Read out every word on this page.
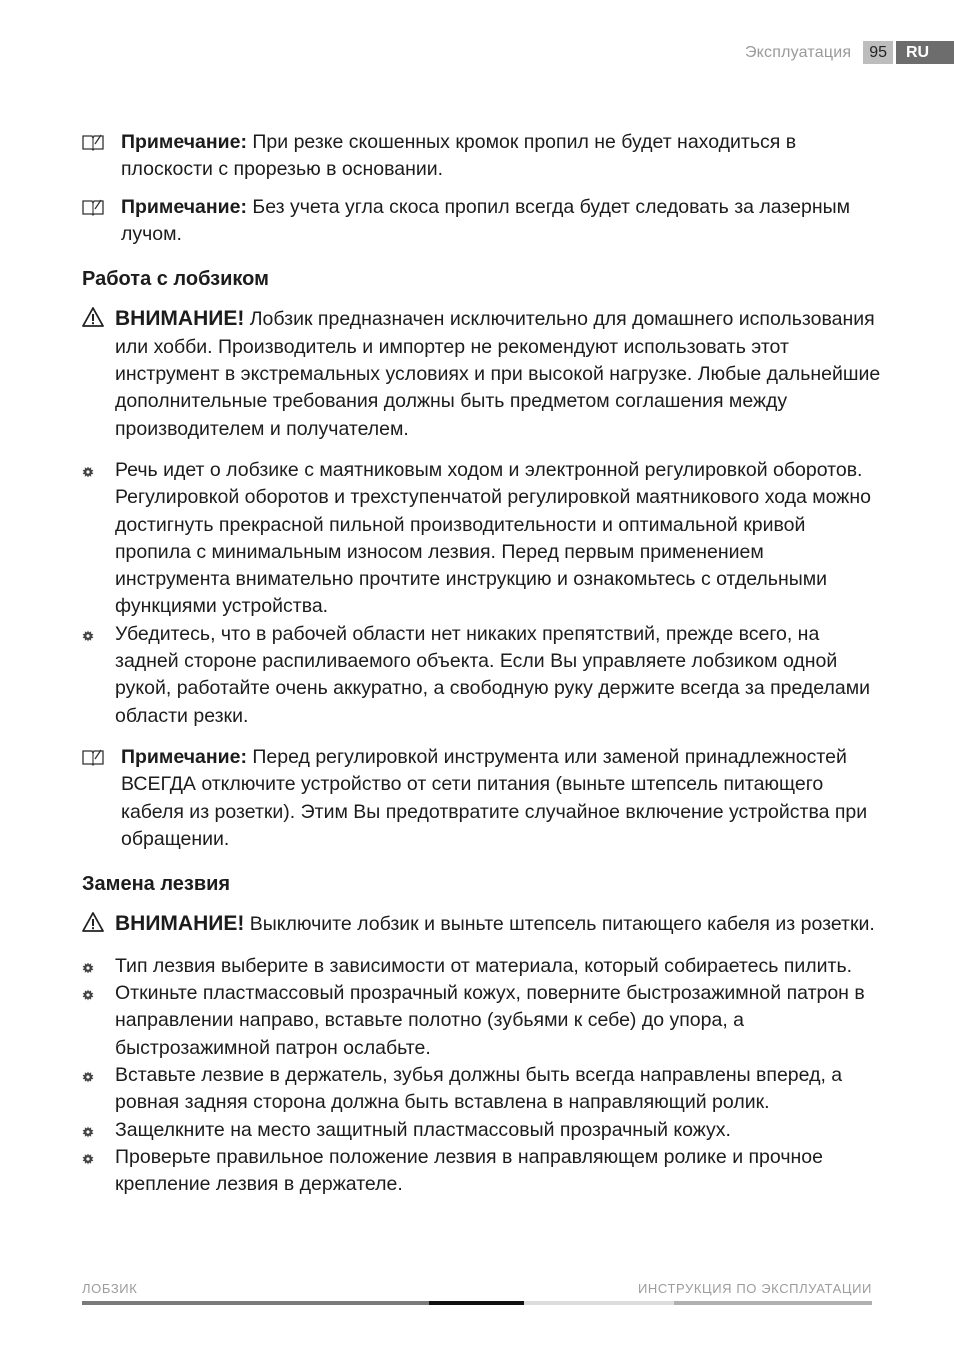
Эксплуатация	95	RU
Примечание: При резке скошенных кромок пропил не будет находиться в плоскости с прорезью в основании.
Примечание: Без учета угла скоса пропил всегда будет следовать за лазерным лучом.
Работа с лобзиком
ВНИМАНИЕ! Лобзик предназначен исключительно для домашнего использования или хобби. Производитель и импортер не рекомендуют использовать этот инструмент в экстремальных условиях и при высокой нагрузке. Любые дальнейшие дополнительные требования должны быть предметом соглашения между производителем и получателем.
Речь идет о лобзике с маятниковым ходом и электронной регулировкой оборотов. Регулировкой оборотов и трехступенчатой регулировкой маятникового хода можно достигнуть прекрасной пильной производительности и оптимальной кривой пропила с минимальным износом лезвия. Перед первым применением инструмента внимательно прочтите инструкцию и ознакомьтесь с отдельными функциями устройства.
Убедитесь, что в рабочей области нет никаких препятствий, прежде всего, на задней стороне распиливаемого объекта. Если Вы управляете лобзиком одной рукой, работайте очень аккуратно, а свободную руку держите всегда за пределами области резки.
Примечание: Перед регулировкой инструмента или заменой принадлежностей ВСЕГДА отключите устройство от сети питания (выньте штепсель питающего кабеля из розетки). Этим Вы предотвратите случайное включение устройства при обращении.
Замена лезвия
ВНИМАНИЕ! Выключите лобзик и выньте штепсель питающего кабеля из розетки.
Тип лезвия выберите в зависимости от материала, который собираетесь пилить.
Откиньте пластмассовый прозрачный кожух, поверните быстрозажимной патрон в направлении направо, вставьте полотно (зубьями к себе) до упора, а быстрозажимной патрон ослабьте.
Вставьте лезвие в держатель, зубья должны быть всегда направлены вперед, а ровная задняя сторона должна быть вставлена в направляющий ролик.
Защелкните на место защитный пластмассовый прозрачный кожух.
Проверьте правильное положение лезвия в направляющем ролике и прочное крепление лезвия в держателе.
ЛОБЗИК	ИНСТРУКЦИЯ ПО ЭКСПЛУАТАЦИИ
